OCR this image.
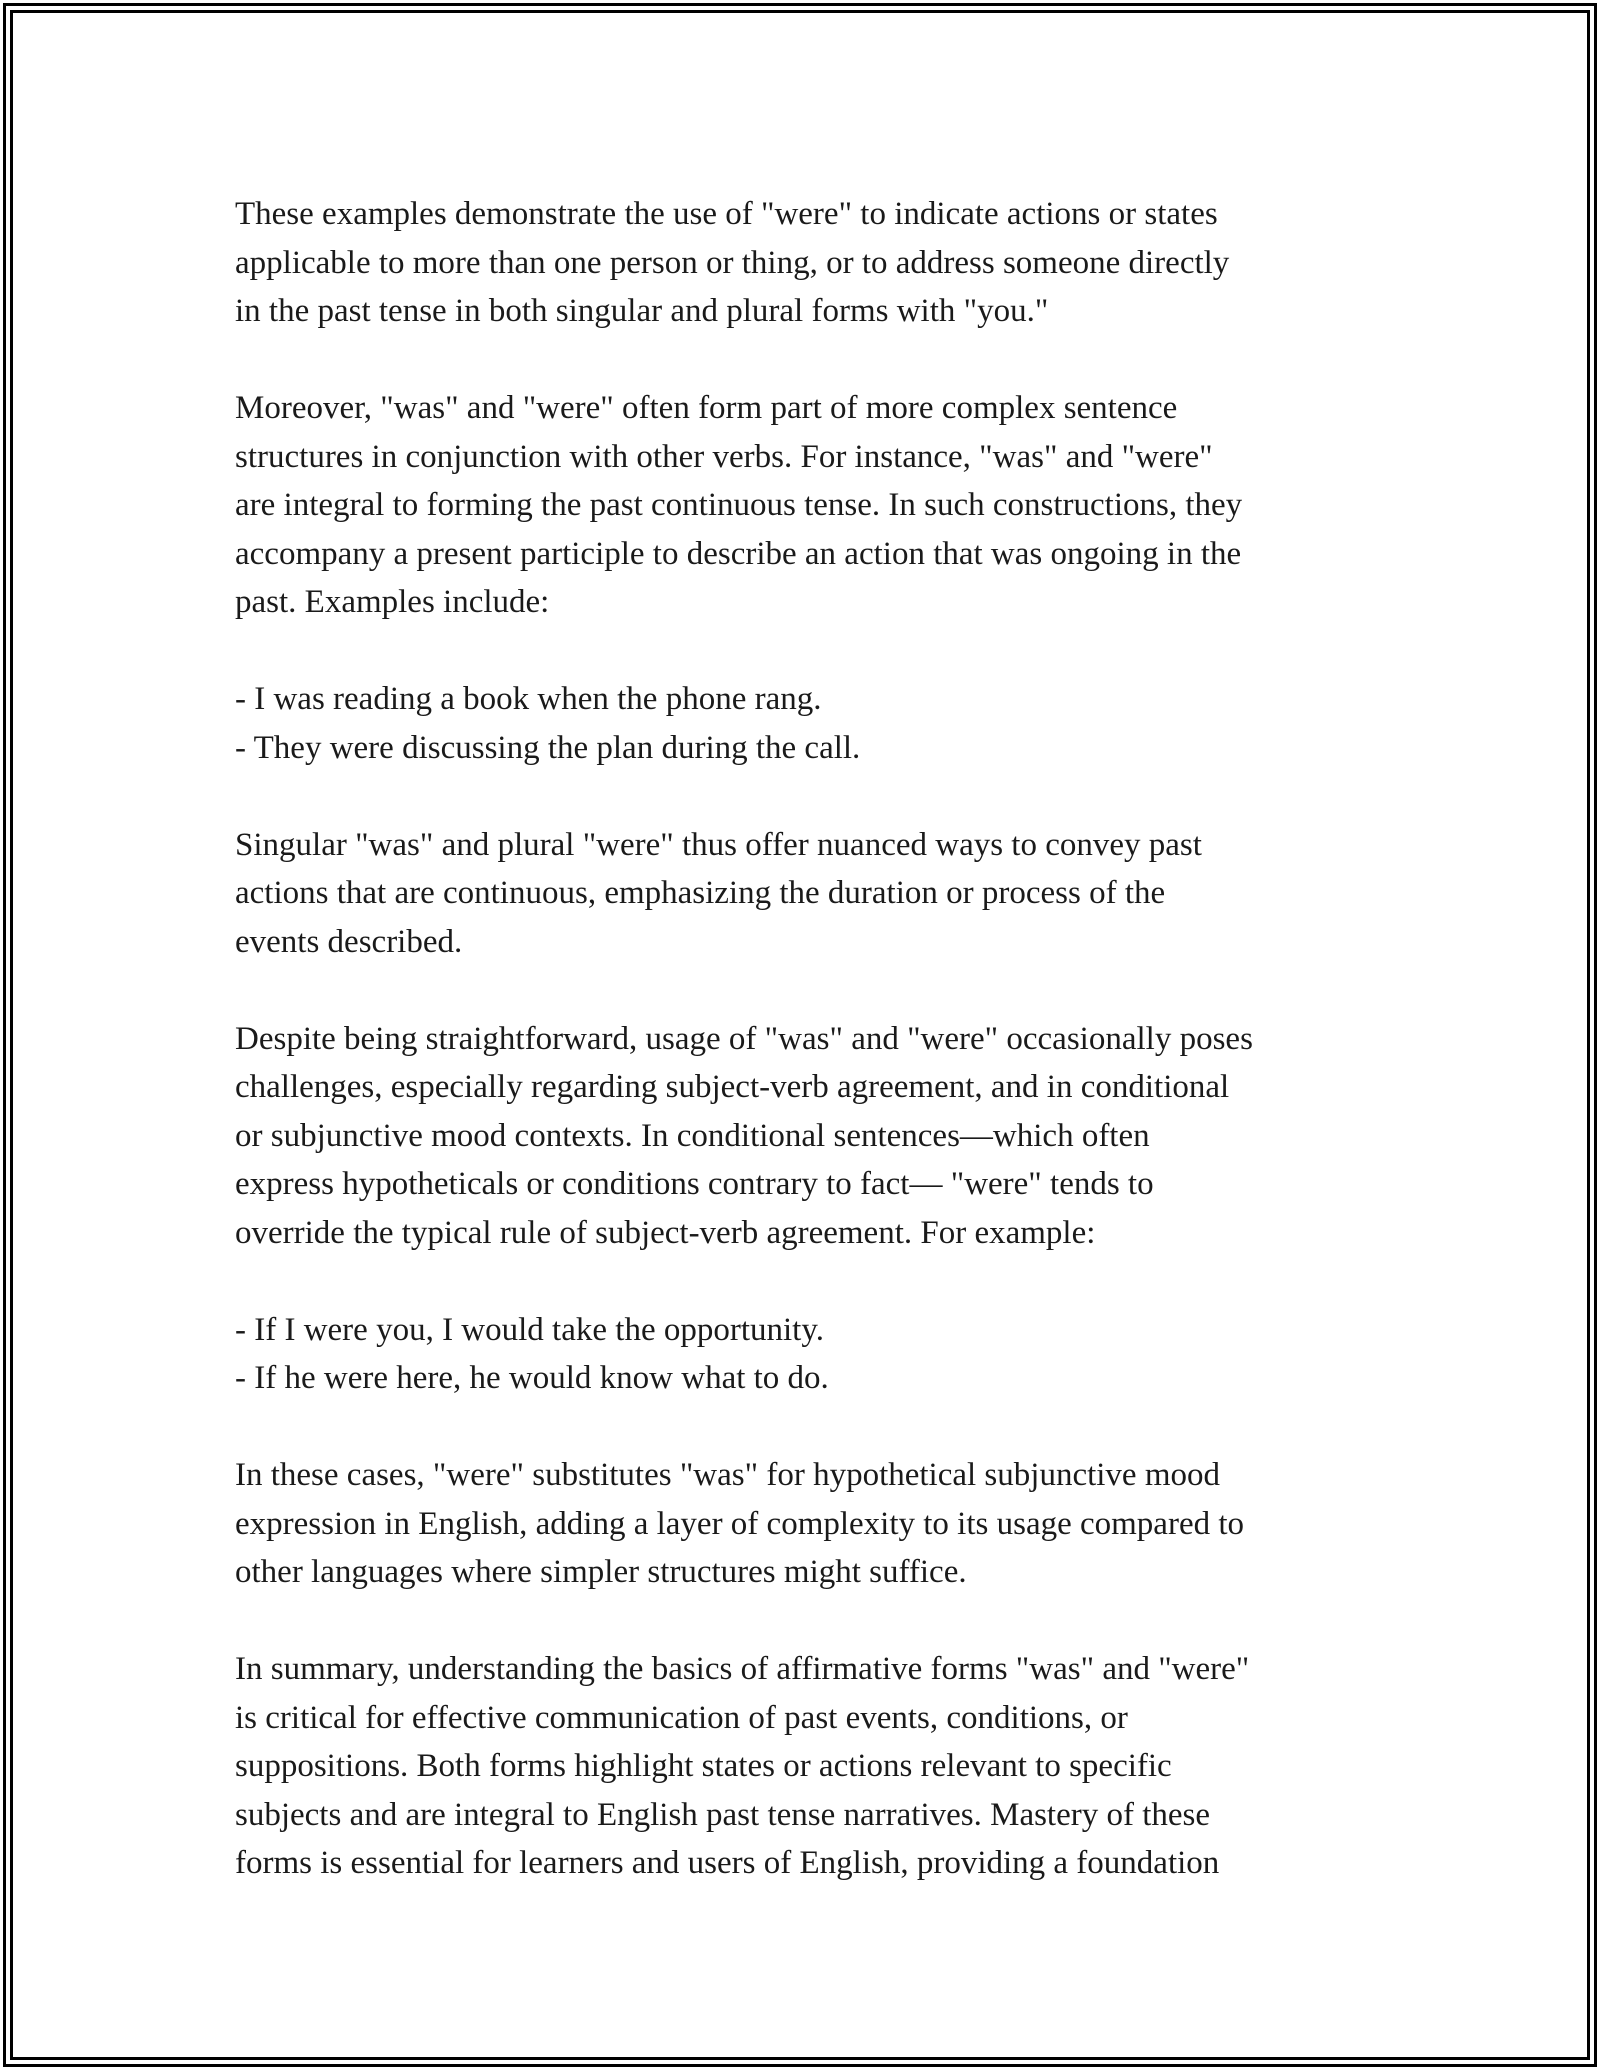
These examples demonstrate the use of "were" to indicate actions or states
applicable to more than one person or thing, or to address someone directly
in the past tense in both singular and plural forms with "you."

Moreover, "was" and "were" often form part of more complex sentence
structures in conjunction with other verbs. For instance, "was" and "were"
are integral to forming the past continuous tense. In such constructions, they
accompany a present participle to describe an action that was ongoing in the
past. Examples include:

- I was reading a book when the phone rang.
- They were discussing the plan during the call.

Singular "was" and plural "were" thus offer nuanced ways to convey past
actions that are continuous, emphasizing the duration or process of the
events described.

Despite being straightforward, usage of "was" and "were" occasionally poses
challenges, especially regarding subject-verb agreement, and in conditional
or subjunctive mood contexts. In conditional sentences—which often
express hypotheticals or conditions contrary to fact— "were" tends to
override the typical rule of subject-verb agreement. For example:

- If I were you, I would take the opportunity.
- If he were here, he would know what to do.

In these cases, "were" substitutes "was" for hypothetical subjunctive mood
expression in English, adding a layer of complexity to its usage compared to
other languages where simpler structures might suffice.

In summary, understanding the basics of affirmative forms "was" and "were"
is critical for effective communication of past events, conditions, or
suppositions. Both forms highlight states or actions relevant to specific
subjects and are integral to English past tense narratives. Mastery of these
forms is essential for learners and users of English, providing a foundation
